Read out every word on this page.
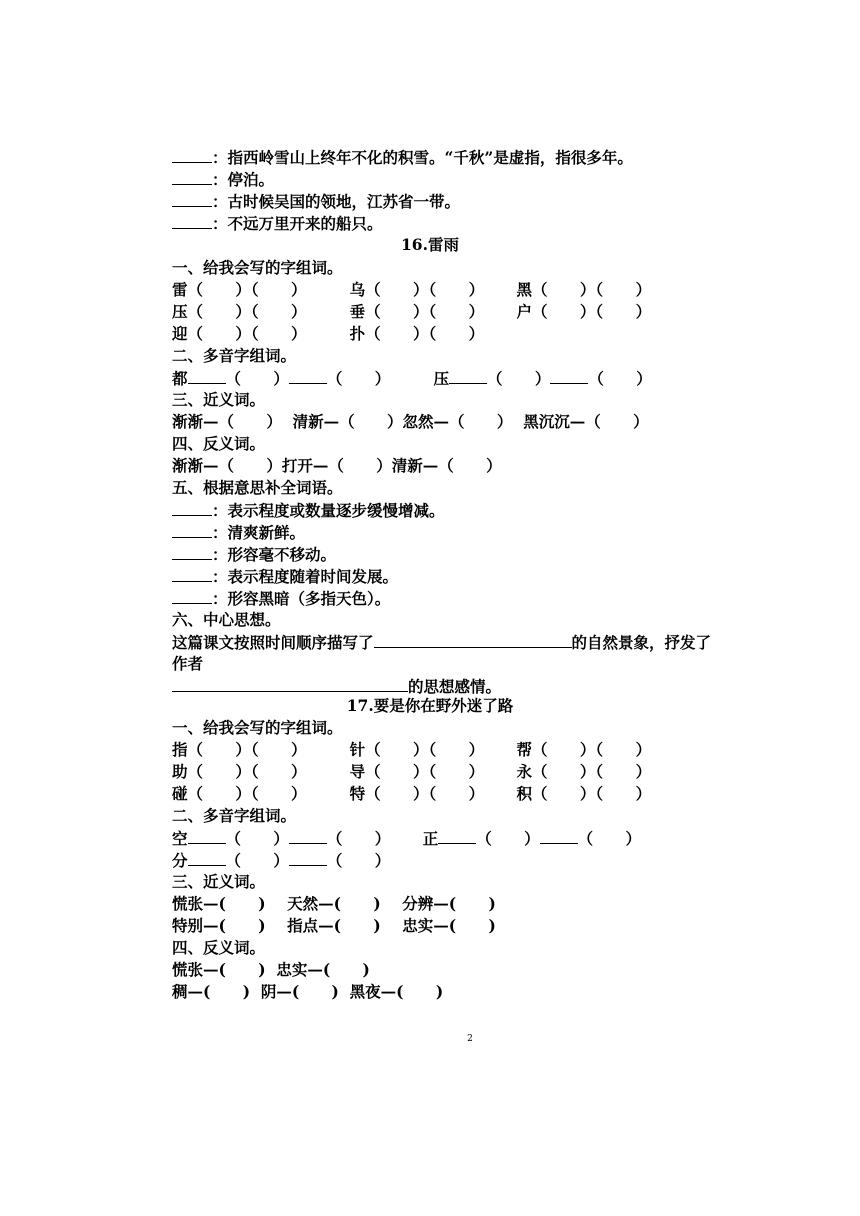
：指西岭雪山上终年不化的积雪。“千秋”是虚指，指很多年。
：停泊。
：古时候吴国的领地，江苏省一带。
：不远万里开来的船只。
16.雷雨
一、给我会写的字组词。
雷（      ）（      ）        乌（      ）（      ）      黑（      ）（      ）
压（      ）（      ）        垂（      ）（      ）      户（      ）（      ）
迎（      ）（      ）        扑（      ）（      ）
二、多音字组词。
都 （      ） （      ）	压 （      ） （      ）
三、近义词。
渐渐—（      ）  清新—（      ）忽然—（      ）  黑沉沉—（      ）
四、反义词。
渐渐—（      ）打开—（      ）清新—（      ）
五、根据意思补全词语。
：表示程度或数量逐步缓慢增减。
：清爽新鲜。
：形容毫不移动。
：表示程度随着时间发展。
：形容黑暗（多指天色）。
六、中心思想。
这篇课文按照时间顺序描写了	的自然景象，抒发了
作者
的思想感情。
17.要是你在野外迷了路
一、给我会写的字组词。
指（      ）（      ）        针（      ）（      ）      帮（      ）（      ）
助（      ）（      ）        导（      ）（      ）      永（      ）（      ）
碰（      ）（      ）        特（      ）（      ）      积（      ）（      ）
二、多音字组词。
空 （      ） （      ） 正 （      ） （      ）
分 （      ） （      ）
三、近义词。
慌张—(      )    天然—(      )    分辨—(      )
特别—(      )    指点—(      )    忠实—(      )
四、反义词。
慌张—(      )  忠实—(      )
稠—(      )  阴—(      )  黑夜—(      )
2
